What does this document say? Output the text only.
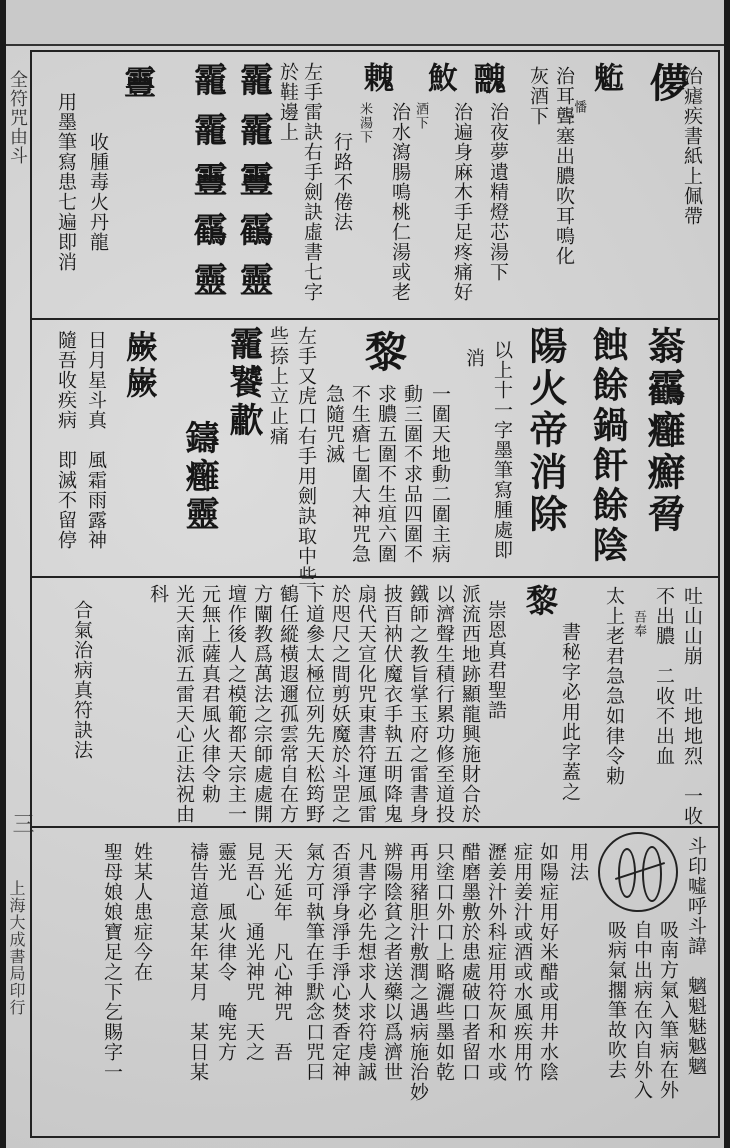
全符咒由斗
三
上海大成書局印行
儚
治瘧疾書紙上佩帶
䰢
治耳聾塞出膿吹耳鳴化
憣
灰酒下
䰭
治夜夢遺精燈芯湯下
䰻
治遍身麻木手足疼痛好
酒下
䰤
治水瀉腸鳴桃仁湯或老
米湯下
行路不倦法
左手雷訣右手劍訣虛書七字
於鞋邊上
靇
靇
靊
靍
靈
靇
靇
靊
靍
靈
靊
收腫毒火丹龍
用墨筆寫患七遍即消
嵡靏癰癬脋
蝕餘鍋飦餘陰
陽火帝消除
以上十一字墨筆寫腫處即
消
黎
一圍天地動二圍主病
動三圍不求品四圍不
求膿五圍不生疽六圍
不生瘡七圍大神咒急
急隨咒滅
左手又虎口右手用劍訣取中些
些捺上立止痛
靇饕歗
鑄癰靈
嶡嶡
日月星斗真　風霜雨露神
隨吾收疾病　即滅不留停
吐山山崩　吐地地烈　一收
不出膿　二收不出血
吾奉
太上老君急急如律令勅
黎
書秘字必用此字蓋之
崇恩真君聖誥
派流西地跡顯龍興施財合於
以濟聲生積行累功修至道投
鐵師之教旨掌玉府之雷書身
披百衲伏魔衣手執五明降鬼
扇代天宣化咒東書符運風雷
於咫尺之間剪妖魔於斗罡之
下道參太極位列先天松筠野
鶴任縱橫遐邇孤雲常自在方
方闡教爲萬法之宗師處處開
壇作後人之模範都天宗主一
元無上薩真君風火律令勅
光天南派五雷天心正法祝由
科
合氣治病真符訣法
斗印噓呼斗諱　魑魁魅魆魑
吸南方氣入筆病在外
自中出病在內自外入
吸病氣擱筆故吹去
用法
如陽症用好米醋或用井水陰
症用姜汁或酒或水風疾用竹
瀝姜汁外科症用符灰和水或
醋磨墨敷於患處破口者留口
只塗口外口上略灑些墨如乾
再用豬胆汁敷潤之遇病施治妙
辨陽陰貧之者送藥以爲濟世
凡書字必先想求人求符虔誠
否須淨身淨手淨心焚香定神
氣方可執筆在手默念口咒曰
天光延年　凡心神咒　吾
見吾心　通光神咒　天之
靈光　風火律令　唵宪方
禱告道意某年某月　某日某
姓某人患症今在
聖母娘娘寶足之下乞賜字一
